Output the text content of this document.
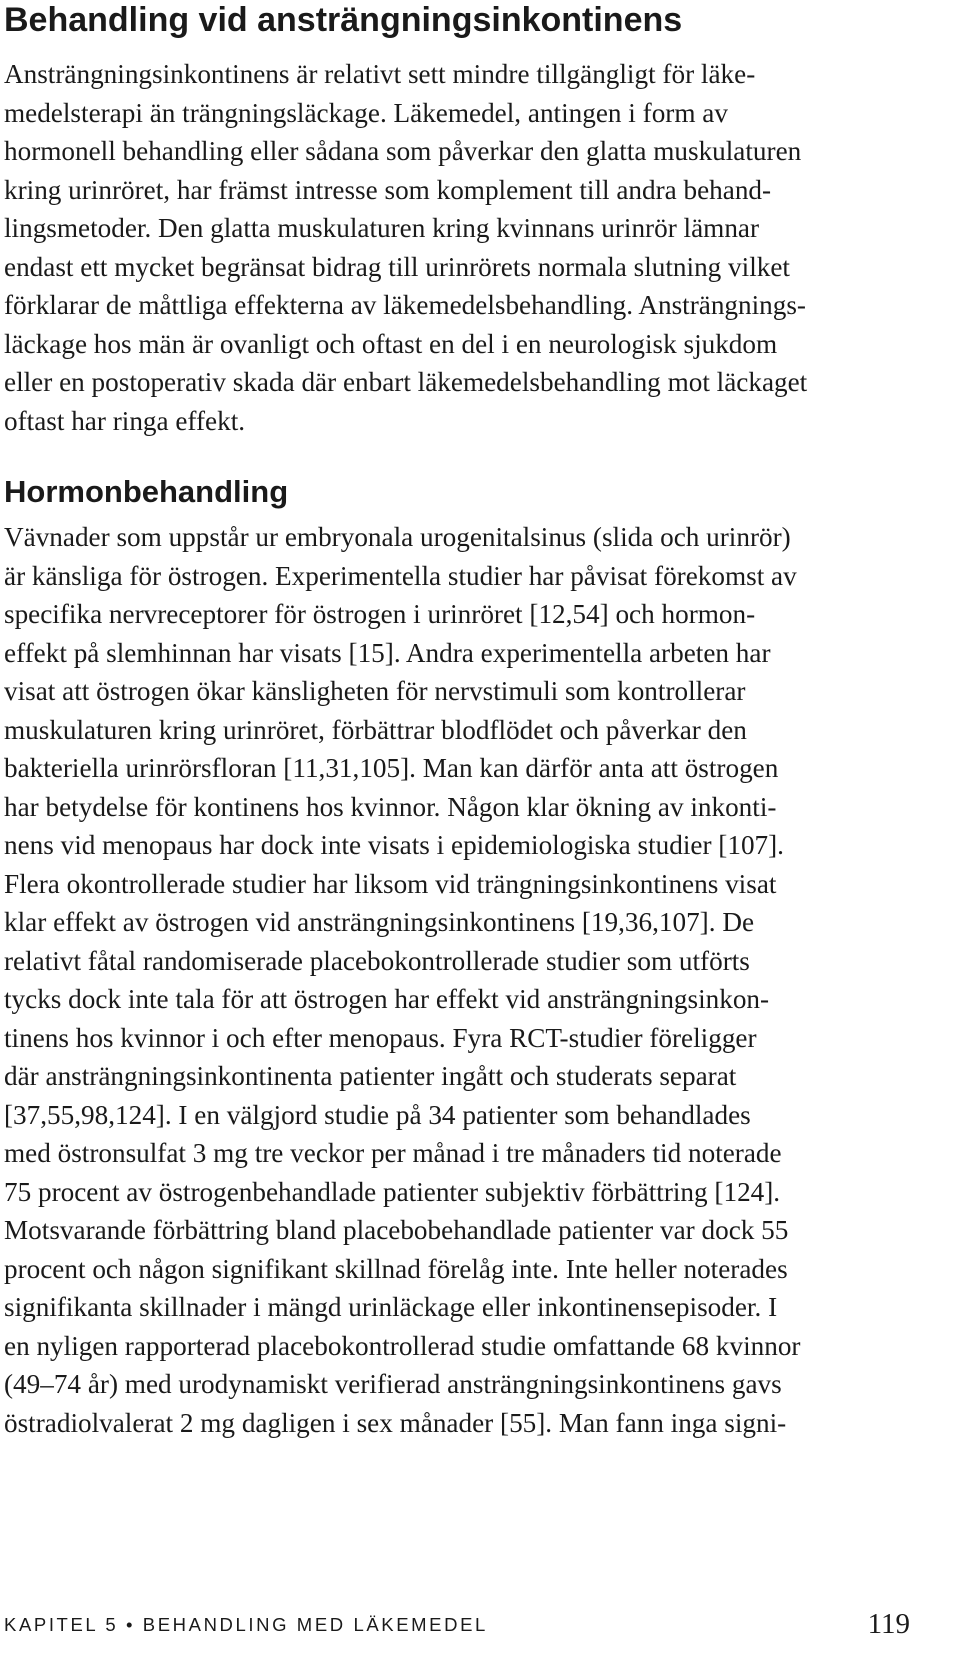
Behandling vid ansträngningsinkontinens
Ansträngningsinkontinens är relativt sett mindre tillgängligt för läke-
medelsterapi än trängningsläckage. Läkemedel, antingen i form av
hormonell behandling eller sådana som påverkar den glatta muskulaturen
kring urinröret, har främst intresse som komplement till andra behand-
lingsmetoder. Den glatta muskulaturen kring kvinnans urinrör lämnar
endast ett mycket begränsat bidrag till urinrörets normala slutning vilket
förklarar de måttliga effekterna av läkemedelsbehandling. Ansträngnings-
läckage hos män är ovanligt och oftast en del i en neurologisk sjukdom
eller en postoperativ skada där enbart läkemedelsbehandling mot läckaget
oftast har ringa effekt.
Hormonbehandling
Vävnader som uppstår ur embryonala urogenitalsinus (slida och urinrör)
är känsliga för östrogen. Experimentella studier har påvisat förekomst av
specifika nervreceptorer för östrogen i urinröret [12,54] och hormon-
effekt på slemhinnan har visats [15]. Andra experimentella arbeten har
visat att östrogen ökar känsligheten för nervstimuli som kontrollerar
muskulaturen kring urinröret, förbättrar blodflödet och påverkar den
bakteriella urinrörsfloran [11,31,105]. Man kan därför anta att östrogen
har betydelse för kontinens hos kvinnor. Någon klar ökning av inkonti-
nens vid menopaus har dock inte visats i epidemiologiska studier [107].
Flera okontrollerade studier har liksom vid trängningsinkontinens visat
klar effekt av östrogen vid ansträngningsinkontinens [19,36,107]. De
relativt fåtal randomiserade placebokontrollerade studier som utförts
tycks dock inte tala för att östrogen har effekt vid ansträngningsinkon-
tinens hos kvinnor i och efter menopaus. Fyra RCT-studier föreligger
där ansträngningsinkontinenta patienter ingått och studerats separat
[37,55,98,124]. I en välgjord studie på 34 patienter som behandlades
med östronsulfat 3 mg tre veckor per månad i tre månaders tid noterade
75 procent av östrogenbehandlade patienter subjektiv förbättring [124].
Motsvarande förbättring bland placebobehandlade patienter var dock 55
procent och någon signifikant skillnad förelåg inte. Inte heller noterades
signifikanta skillnader i mängd urinläckage eller inkontinensepisoder. I
en nyligen rapporterad placebokontrollerad studie omfattande 68 kvinnor
(49–74 år) med urodynamiskt verifierad ansträngningsinkontinens gavs
östradiolvalerat 2 mg dagligen i sex månader [55]. Man fann inga signi-
KAPITEL 5 • BEHANDLING MED LÄKEMEDEL	119
